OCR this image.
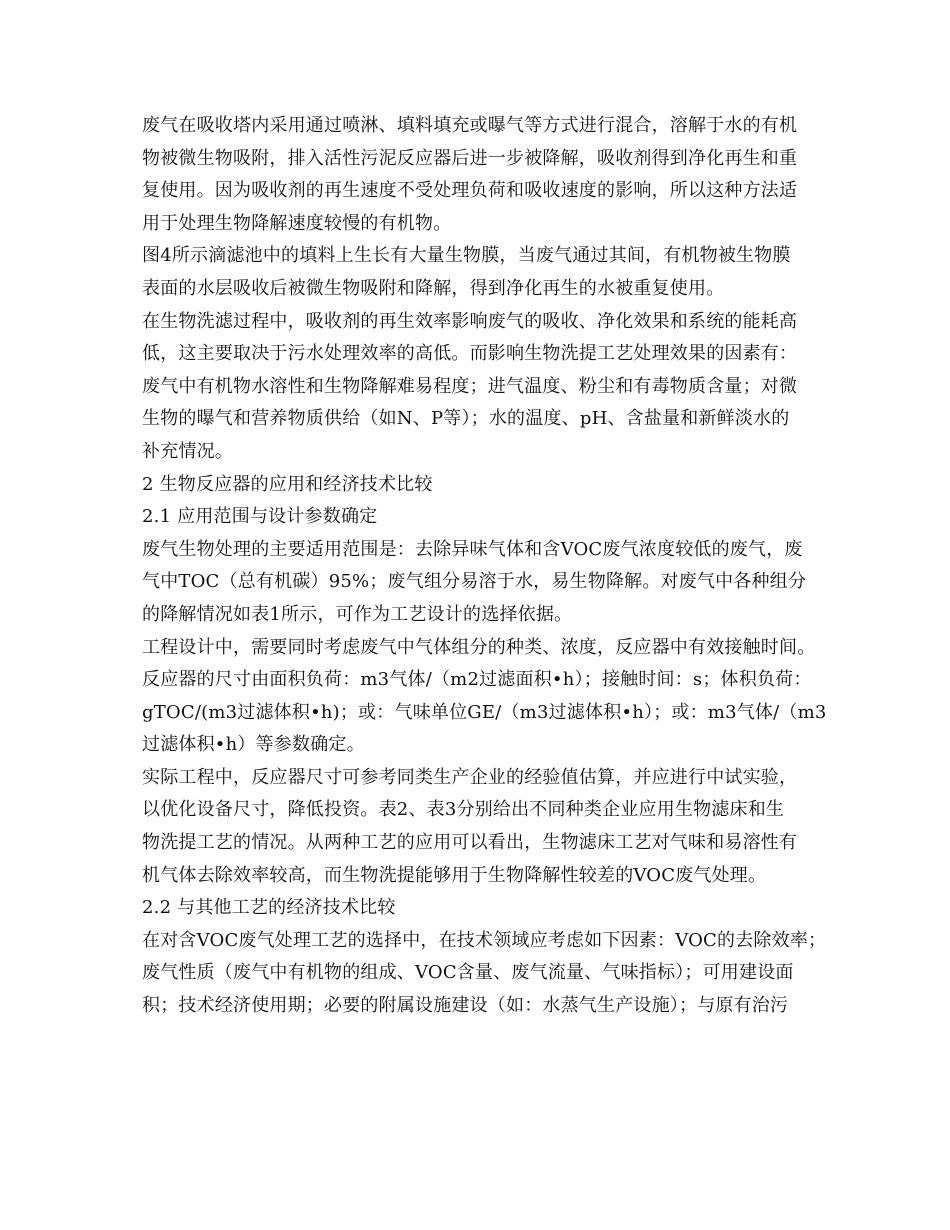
废气在吸收塔内采用通过喷淋、填料填充或曝气等方式进行混合，溶解于水的有机
物被微生物吸附，排入活性污泥反应器后进一步被降解，吸收剂得到净化再生和重
复使用。因为吸收剂的再生速度不受处理负荷和吸收速度的影响，所以这种方法适
用于处理生物降解速度较慢的有机物。
图4所示滴滤池中的填料上生长有大量生物膜，当废气通过其间，有机物被生物膜
表面的水层吸收后被微生物吸附和降解，得到净化再生的水被重复使用。
在生物洗滤过程中，吸收剂的再生效率影响废气的吸收、净化效果和系统的能耗高
低，这主要取决于污水处理效率的高低。而影响生物洗提工艺处理效果的因素有：
废气中有机物水溶性和生物降解难易程度；进气温度、粉尘和有毒物质含量；对微
生物的曝气和营养物质供给（如N、P等）；水的温度、pH、含盐量和新鲜淡水的
补充情况。
2 生物反应器的应用和经济技术比较
2.1 应用范围与设计参数确定
废气生物处理的主要适用范围是：去除异味气体和含VOC废气浓度较低的废气，废
气中TOC（总有机碳）95%；废气组分易溶于水，易生物降解。对废气中各种组分
的降解情况如表1所示，可作为工艺设计的选择依据。
工程设计中，需要同时考虑废气中气体组分的种类、浓度，反应器中有效接触时间。
反应器的尺寸由面积负荷：m3气体/（m2过滤面积•h）；接触时间：s；体积负荷：
gTOC/(m3过滤体积•h)；或：气味单位GE/（m3过滤体积•h）；或：m3气体/（m3
过滤体积•h）等参数确定。
实际工程中，反应器尺寸可参考同类生产企业的经验值估算，并应进行中试实验，
以优化设备尺寸，降低投资。表2、表3分别给出不同种类企业应用生物滤床和生
物洗提工艺的情况。从两种工艺的应用可以看出，生物滤床工艺对气味和易溶性有
机气体去除效率较高，而生物洗提能够用于生物降解性较差的VOC废气处理。
2.2 与其他工艺的经济技术比较
在对含VOC废气处理工艺的选择中，在技术领域应考虑如下因素：VOC的去除效率；
废气性质（废气中有机物的组成、VOC含量、废气流量、气味指标）；可用建设面
积；技术经济使用期；必要的附属设施建设（如：水蒸气生产设施）；与原有治污
